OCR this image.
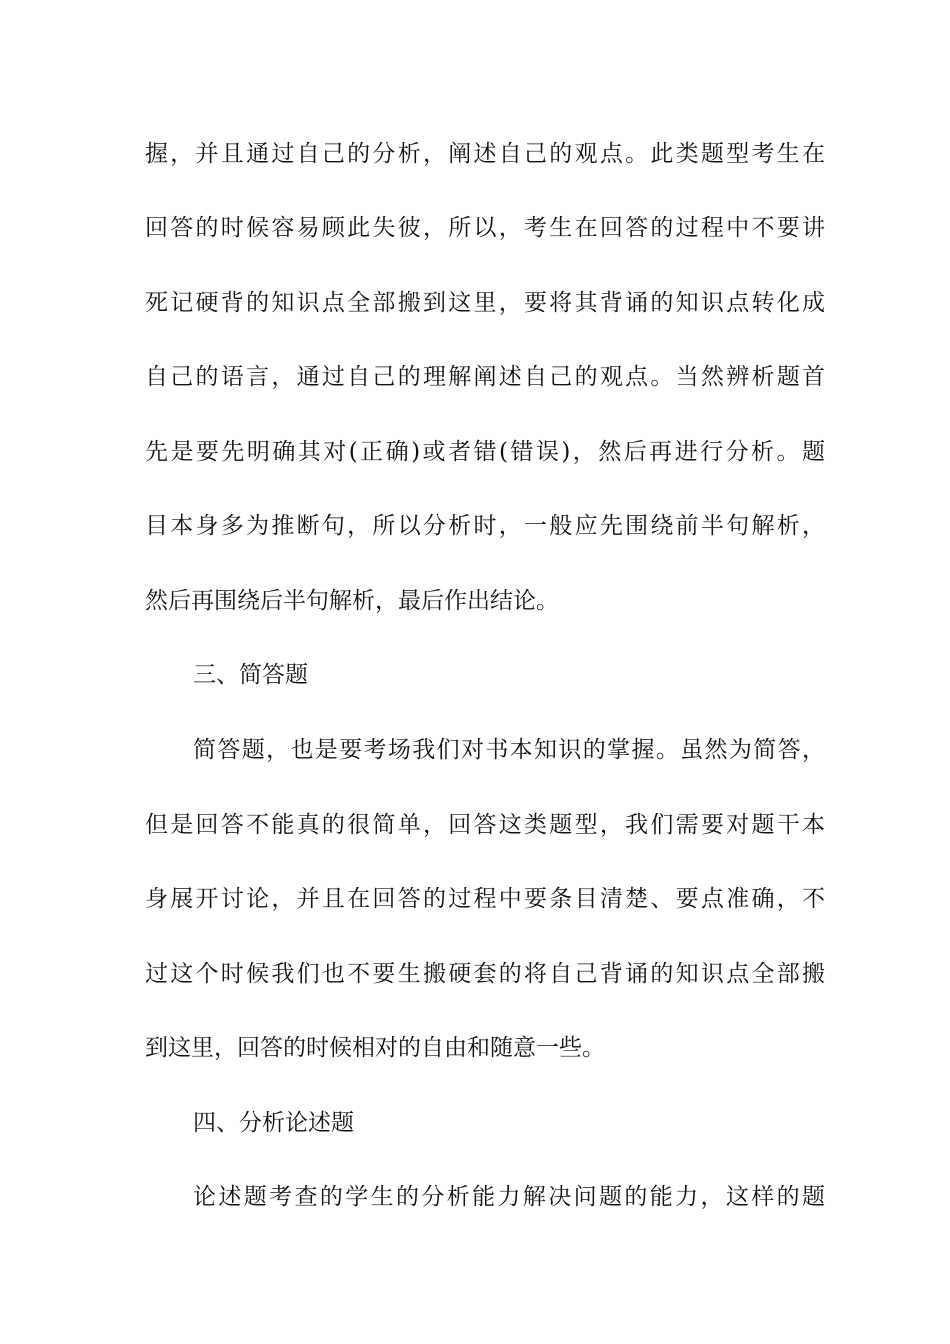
握，并且通过自己的分析，阐述自己的观点。此类题型考生在
回答的时候容易顾此失彼，所以，考生在回答的过程中不要讲
死记硬背的知识点全部搬到这里，要将其背诵的知识点转化成
自己的语言，通过自己的理解阐述自己的观点。当然辨析题首
先是要先明确其对(正确)或者错(错误)，然后再进行分析。题
目本身多为推断句，所以分析时，一般应先围绕前半句解析，
然后再围绕后半句解析，最后作出结论。
三、简答题
简答题，也是要考场我们对书本知识的掌握。虽然为简答，
但是回答不能真的很简单，回答这类题型，我们需要对题干本
身展开讨论，并且在回答的过程中要条目清楚、要点准确，不
过这个时候我们也不要生搬硬套的将自己背诵的知识点全部搬
到这里，回答的时候相对的自由和随意一些。
四、分析论述题
论述题考查的学生的分析能力解决问题的能力，这样的题
